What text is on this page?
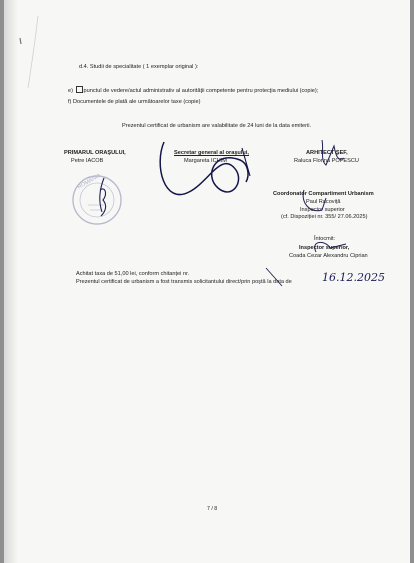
d.4. Studii de specialitate ( 1 exemplar original ):
e) punctul de vedere/actul administrativ al autorităţii competente pentru protecţia mediului (copie);
f) Documentele de plată ale următoarelor taxe (copie)
Prezentul certificat de urbanism are valabilitate de 24 luni de la data emiterii.
PRIMARUL ORAŞULUI,
Petre IACOB
Secretar general al oraşului,
Margareta ICHIM
ARHITECT ŞEF,
Raluca Florina POPESCU
Coordonator Compartiment Urbanism
Paul Racoviță
Inspector superior
(cf. Dispoziției nr. 355/ 27.06.2025)
Întocmit:
Inspector superior,
Coada Cezar Alexandru Ciprian
Achitat taxa de 51,00 lei, conform chitanței nr.
Prezentul certificat de urbanism a fost transmis solicitantului direct/prin poştă la data de	16.12.2025
ROMÂNIA
7 / 8
